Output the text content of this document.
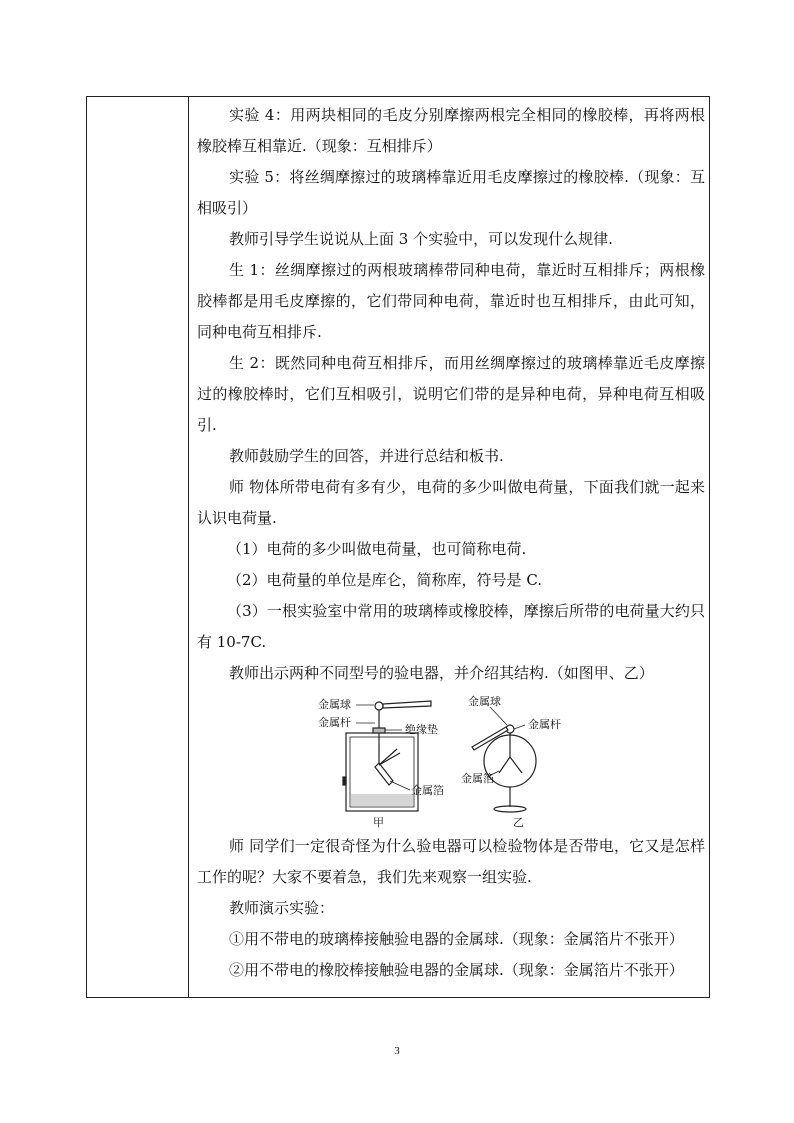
实验 4：用两块相同的毛皮分别摩擦两根完全相同的橡胶棒，再将两根橡胶棒互相靠近.（现象：互相排斥）

实验 5：将丝绸摩擦过的玻璃棒靠近用毛皮摩擦过的橡胶棒.（现象：互相吸引）

教师引导学生说说从上面 3 个实验中，可以发现什么规律.

生 1：丝绸摩擦过的两根玻璃棒带同种电荷，靠近时互相排斥；两根橡胶棒都是用毛皮摩擦的，它们带同种电荷，靠近时也互相排斥，由此可知，同种电荷互相排斥.

生 2：既然同种电荷互相排斥，而用丝绸摩擦过的玻璃棒靠近毛皮摩擦过的橡胶棒时，它们互相吸引，说明它们带的是异种电荷，异种电荷互相吸引.

教师鼓励学生的回答，并进行总结和板书.

师 物体所带电荷有多有少，电荷的多少叫做电荷量，下面我们就一起来认识电荷量.

（1）电荷的多少叫做电荷量，也可简称电荷.

（2）电荷量的单位是库仑，简称库，符号是 C.

（3）一根实验室中常用的玻璃棒或橡胶棒，摩擦后所带的电荷量大约只有 10-7C.

教师出示两种不同型号的验电器，并介绍其结构.（如图甲、乙）

金属球
金属杆
绝缘垫
金属箔
甲
金属球
金属杆
金属箔
乙

师 同学们一定很奇怪为什么验电器可以检验物体是否带电，它又是怎样工作的呢？大家不要着急，我们先来观察一组实验.

教师演示实验：

①用不带电的玻璃棒接触验电器的金属球.（现象：金属箔片不张开）

②用不带电的橡胶棒接触验电器的金属球.（现象：金属箔片不张开）

3
